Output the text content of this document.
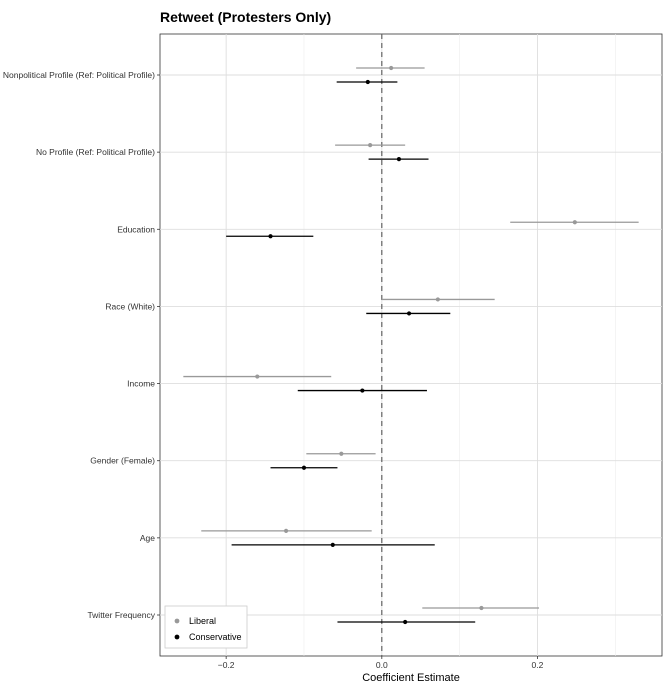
Retweet (Protesters Only)
Nonpolitical Profile (Ref: Political Profile)
No Profile (Ref: Political Profile)
Education
Race (White)
Income
Gender (Female)
Age
Twitter Frequency
−0.2	0.0	0.2
Coefficient Estimate
Liberal
Conservative
